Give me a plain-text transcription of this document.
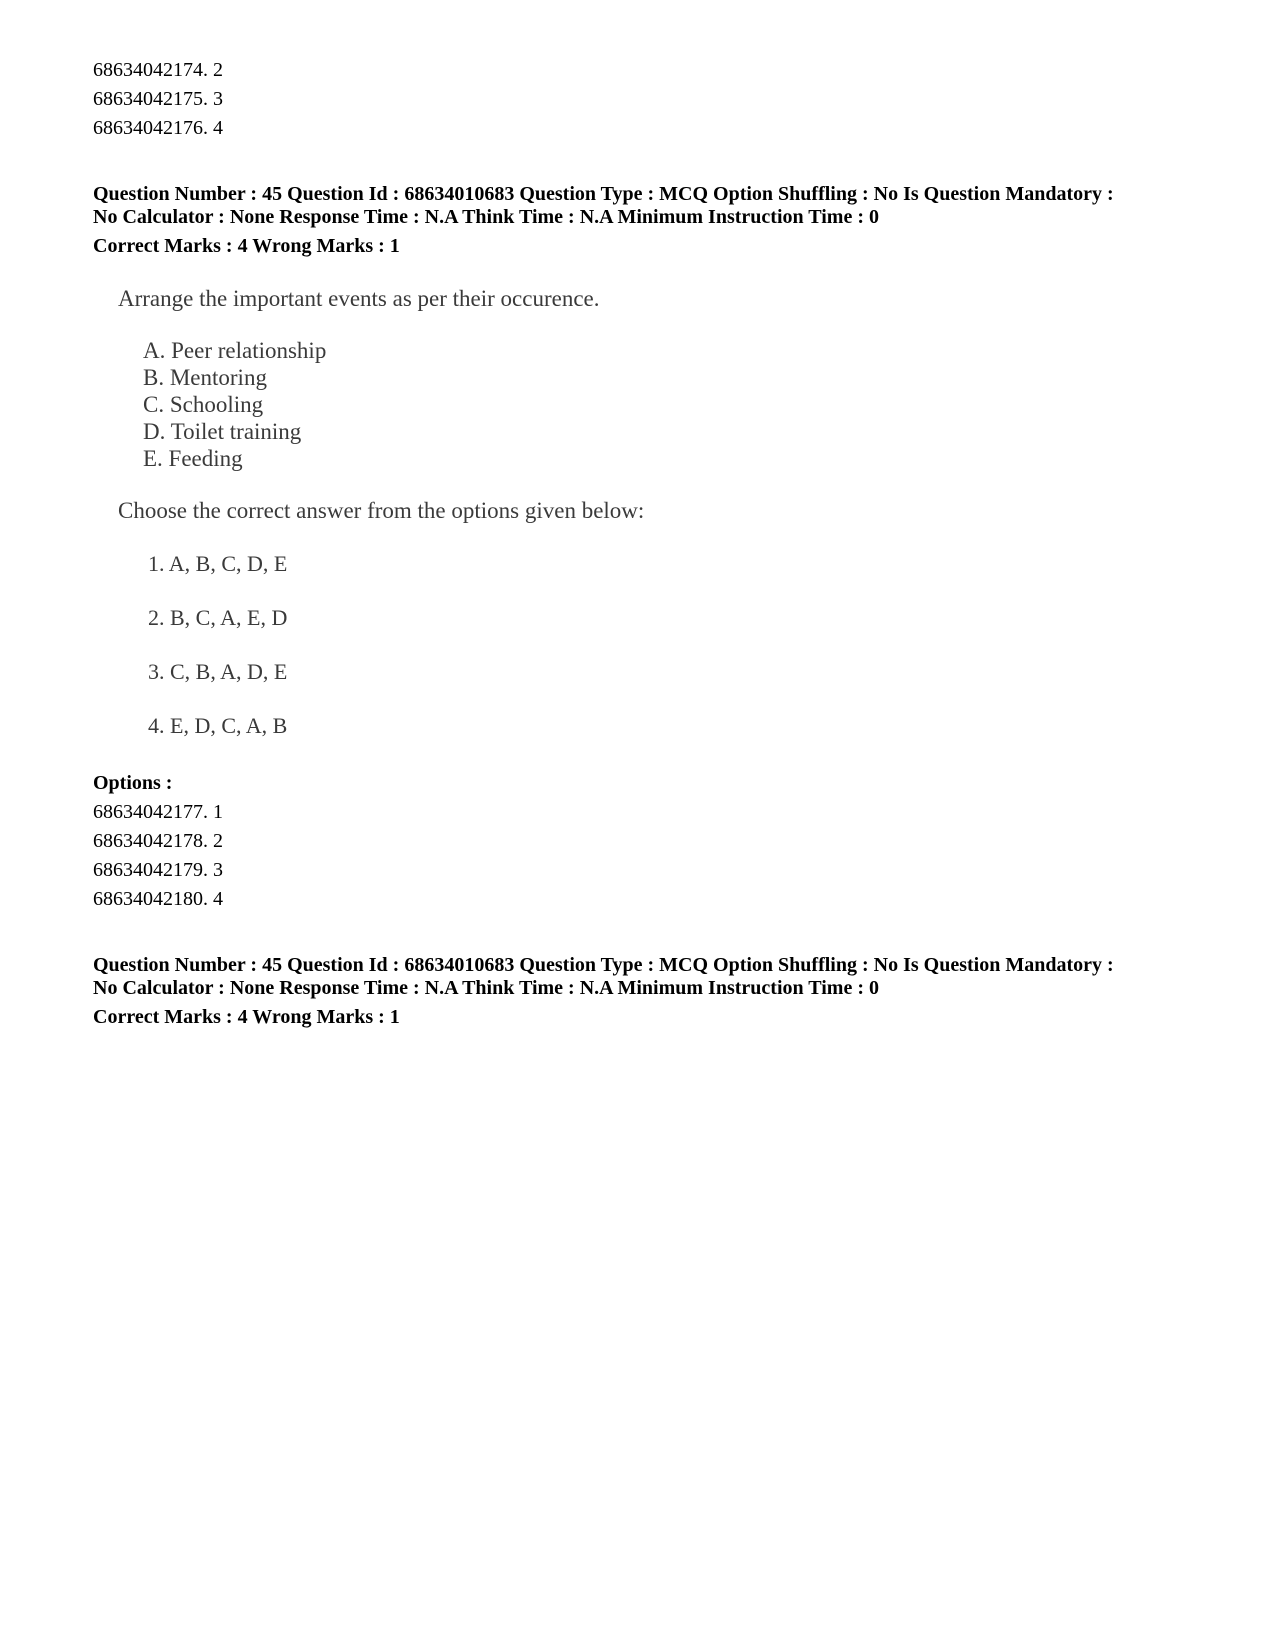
68634042174. 2
68634042175. 3
68634042176. 4
Question Number : 45 Question Id : 68634010683 Question Type : MCQ Option Shuffling : No Is Question Mandatory :
No Calculator : None Response Time : N.A Think Time : N.A Minimum Instruction Time : 0
Correct Marks : 4 Wrong Marks : 1
Arrange the important events as per their occurence.
A. Peer relationship
B. Mentoring
C. Schooling
D. Toilet training
E. Feeding
Choose the correct answer from the options given below:
1. A, B, C, D, E
2. B, C, A, E, D
3. C, B, A, D, E
4. E, D, C, A, B
Options :
68634042177. 1
68634042178. 2
68634042179. 3
68634042180. 4
Question Number : 45 Question Id : 68634010683 Question Type : MCQ Option Shuffling : No Is Question Mandatory :
No Calculator : None Response Time : N.A Think Time : N.A Minimum Instruction Time : 0
Correct Marks : 4 Wrong Marks : 1
